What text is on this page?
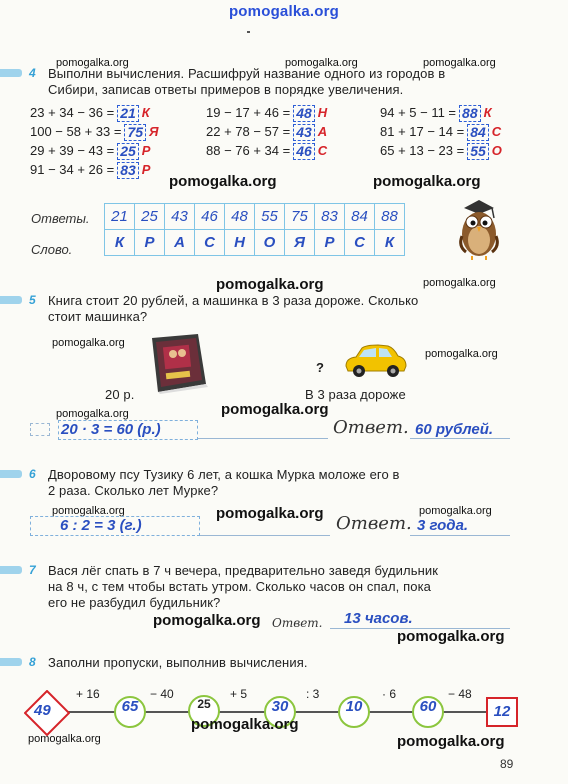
pomogalka.org
pomogalka.org	pomogalka.org	pomogalka.org
4 Выполни вычисления. Расшифруй название одного из городов в
Сибири, записав ответы примеров в порядке увеличения.
23 + 34 − 36 = 21 К	19 − 17 + 46 = 48 Н	94 + 5 − 11 = 88 К
100 − 58 + 33 = 75 Я	22 + 78 − 57 = 43 А	81 + 17 − 14 = 84 С
29 + 39 − 43 = 25 Р	88 − 76 + 34 = 46 С	65 + 13 − 23 = 55 О
91 − 34 + 26 = 83 Р
pomogalka.org	pomogalka.org
Ответы.
Слово.
21	25	43	46	48	55	75	83	84	88
К	Р	А	С	Н	О	Я	Р	С	К
pomogalka.org	pomogalka.org
5 Книга стоит 20 рублей, а машинка в 3 раза дороже. Сколько
стоит машинка?
pomogalka.org
pomogalka.org
?
20 р.	В 3 раза дороже
pomogalka.org	pomogalka.org
20 · 3 = 60 (р.)	Ответ. 60 рублей.
6 Дворовому псу Тузику 6 лет, а кошка Мурка моложе его в
2 раза. Сколько лет Мурке?
pomogalka.org	pomogalka.org	pomogalka.org
6 : 2 = 3 (г.)	Ответ. 3 года.
7 Вася лёг спать в 7 ч вечера, предварительно заведя будильник
на 8 ч, с тем чтобы встать утром. Сколько часов он спал, пока
его не разбудил будильник?
pomogalka.org Ответ. 13 часов.
pomogalka.org
8 Заполни пропуски, выполнив вычисления.
49
+ 16
65
− 40
25
+ 5
30
: 3
10
· 6
60
− 48
12
pomogalka.org
pomogalka.org	pomogalka.org
89
